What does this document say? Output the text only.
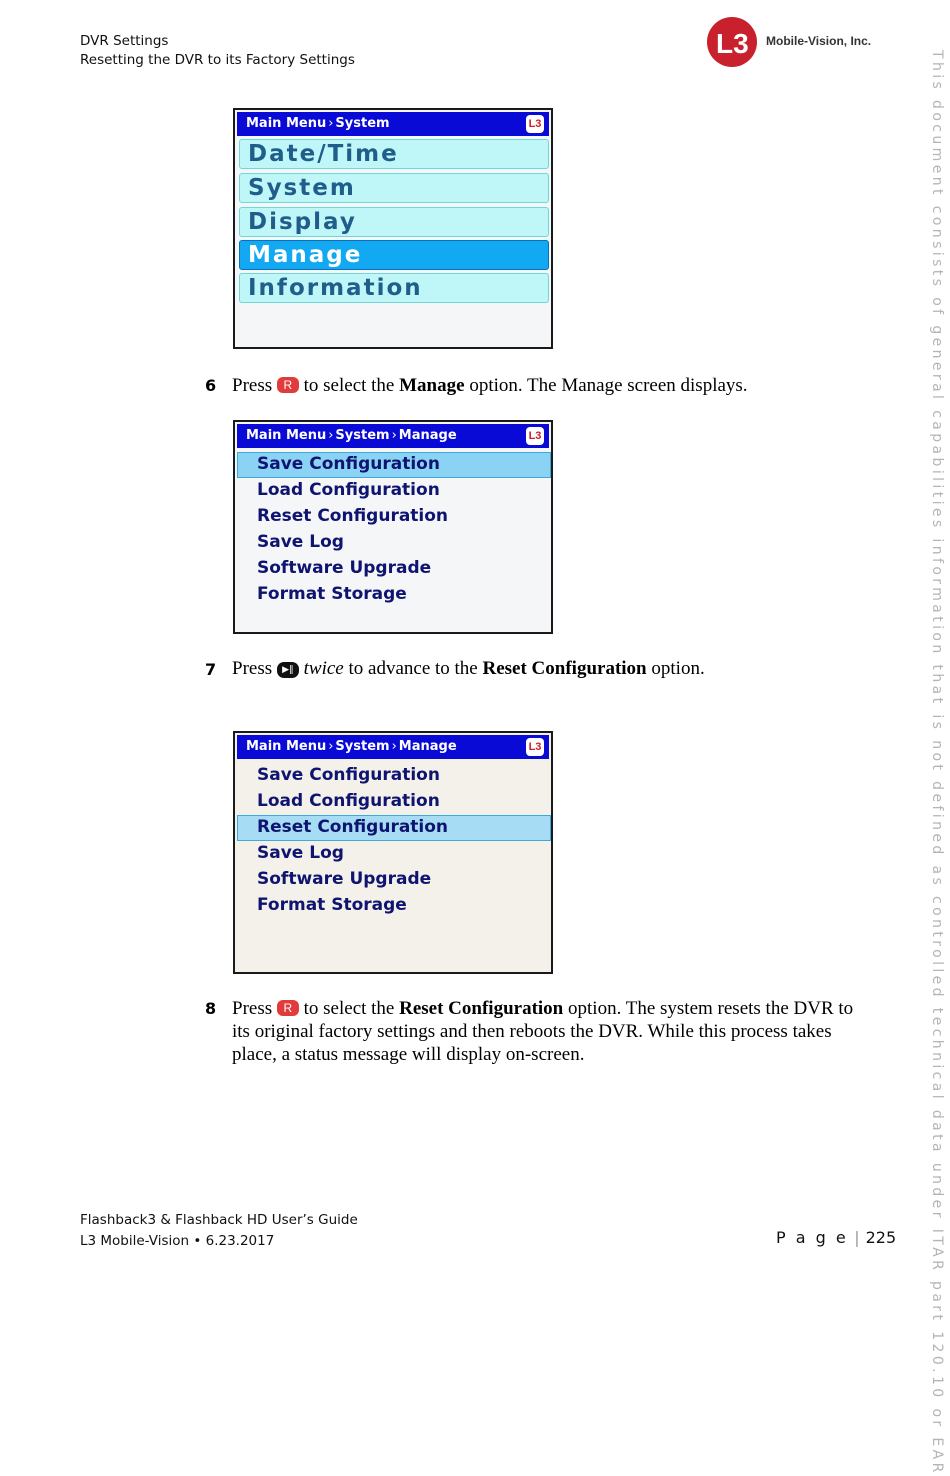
DVR Settings
Resetting the DVR to its Factory Settings
L3 Mobile-Vision, Inc.
This document consists of general capabilities information that is not defined as controlled technical data under ITAR part 120.10 or EAR
Main Menu › System	L3
Date/Time
System
Display
Manage
Information
6 Press R to select the Manage option. The Manage screen displays.
Main Menu › System › Manage	L3
Save Configuration
Load Configuration
Reset Configuration
Save Log
Software Upgrade
Format Storage
7 Press ▶‖ twice to advance to the Reset Configuration option.
Main Menu › System › Manage	L3
Save Configuration
Load Configuration
Reset Configuration
Save Log
Software Upgrade
Format Storage
8 Press R to select the Reset Configuration option. The system resets the DVR to its original factory settings and then reboots the DVR. While this process takes place, a status message will display on-screen.
Flashback3 & Flashback HD User’s Guide
L3 Mobile-Vision • 6.23.2017	P a g e | 225
